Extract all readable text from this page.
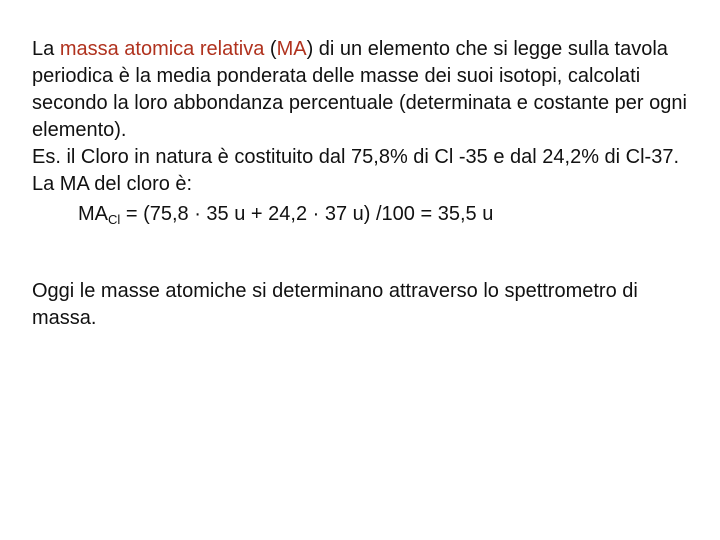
La massa atomica relativa (MA) di un elemento che si legge sulla tavola periodica è la media ponderata delle masse dei suoi isotopi, calcolati secondo la loro abbondanza percentuale (determinata e costante per ogni elemento).

Es. il Cloro in natura è costituito dal 75,8% di Cl -35 e dal 24,2% di Cl-37.

La MA del cloro è:

$MA_{Cl} = (75,8 \cdot 35$ u + 24,2 · 37 u) /100 = 35,5 u

Oggi le masse atomiche si determinano attraverso lo spettrometro di massa.
